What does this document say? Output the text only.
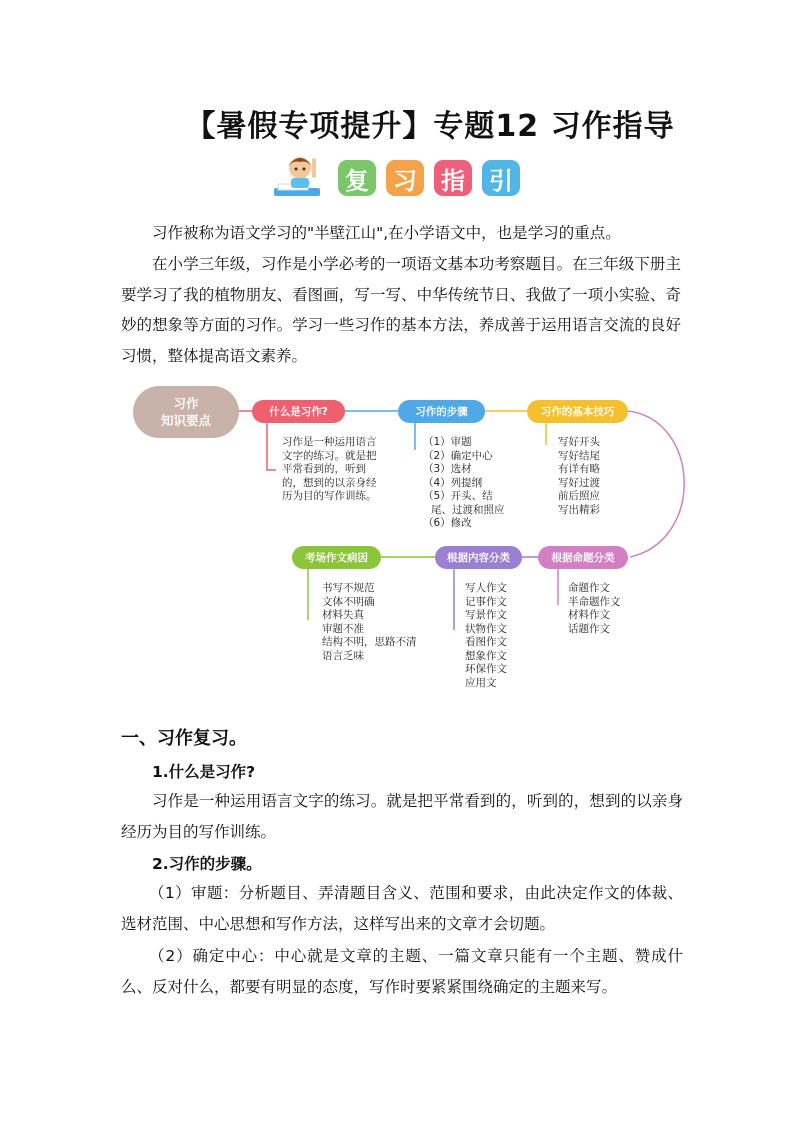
【暑假专项提升】专题12 习作指导
复 习 指 引
习作被称为语文学习的"半壁江山",在小学语文中，也是学习的重点。
在小学三年级，习作是小学必考的一项语文基本功考察题目。在三年级下册主要学习了我的植物朋友、看图画，写一写、中华传统节日、我做了一项小实验、奇妙的想象等方面的习作。学习一些习作的基本方法，养成善于运用语言交流的良好习惯，整体提高语文素养。
习作
知识要点
什么是习作?	习作的步骤	习作的基本技巧
考场作文病因	根据内容分类	根据命题分类
习作是一种运用语言
文字的练习。就是把
平常看到的，听到
的，想到的以亲身经
历为目的写作训练。
（1）审题
（2）确定中心
（3）选材
（4）列提纲
（5）开头、结
尾、过渡和照应
（6）修改
写好开头
写好结尾
有详有略
写好过渡
前后照应
写出精彩
书写不规范
文体不明确
材料失真
审题不准
结构不明，思路不清
语言乏味
写人作文
记事作文
写景作文
状物作文
看图作文
想象作文
环保作文
应用文
命题作文
半命题作文
材料作文
话题作文
一、习作复习。
1.什么是习作?
习作是一种运用语言文字的练习。就是把平常看到的，听到的，想到的以亲身经历为目的写作训练。
2.习作的步骤。
（1）审题：分析题目、弄清题目含义、范围和要求，由此决定作文的体裁、选材范围、中心思想和写作方法，这样写出来的文章才会切题。
（2）确定中心：中心就是文章的主题、一篇文章只能有一个主题、赞成什么、反对什么，都要有明显的态度，写作时要紧紧围绕确定的主题来写。
